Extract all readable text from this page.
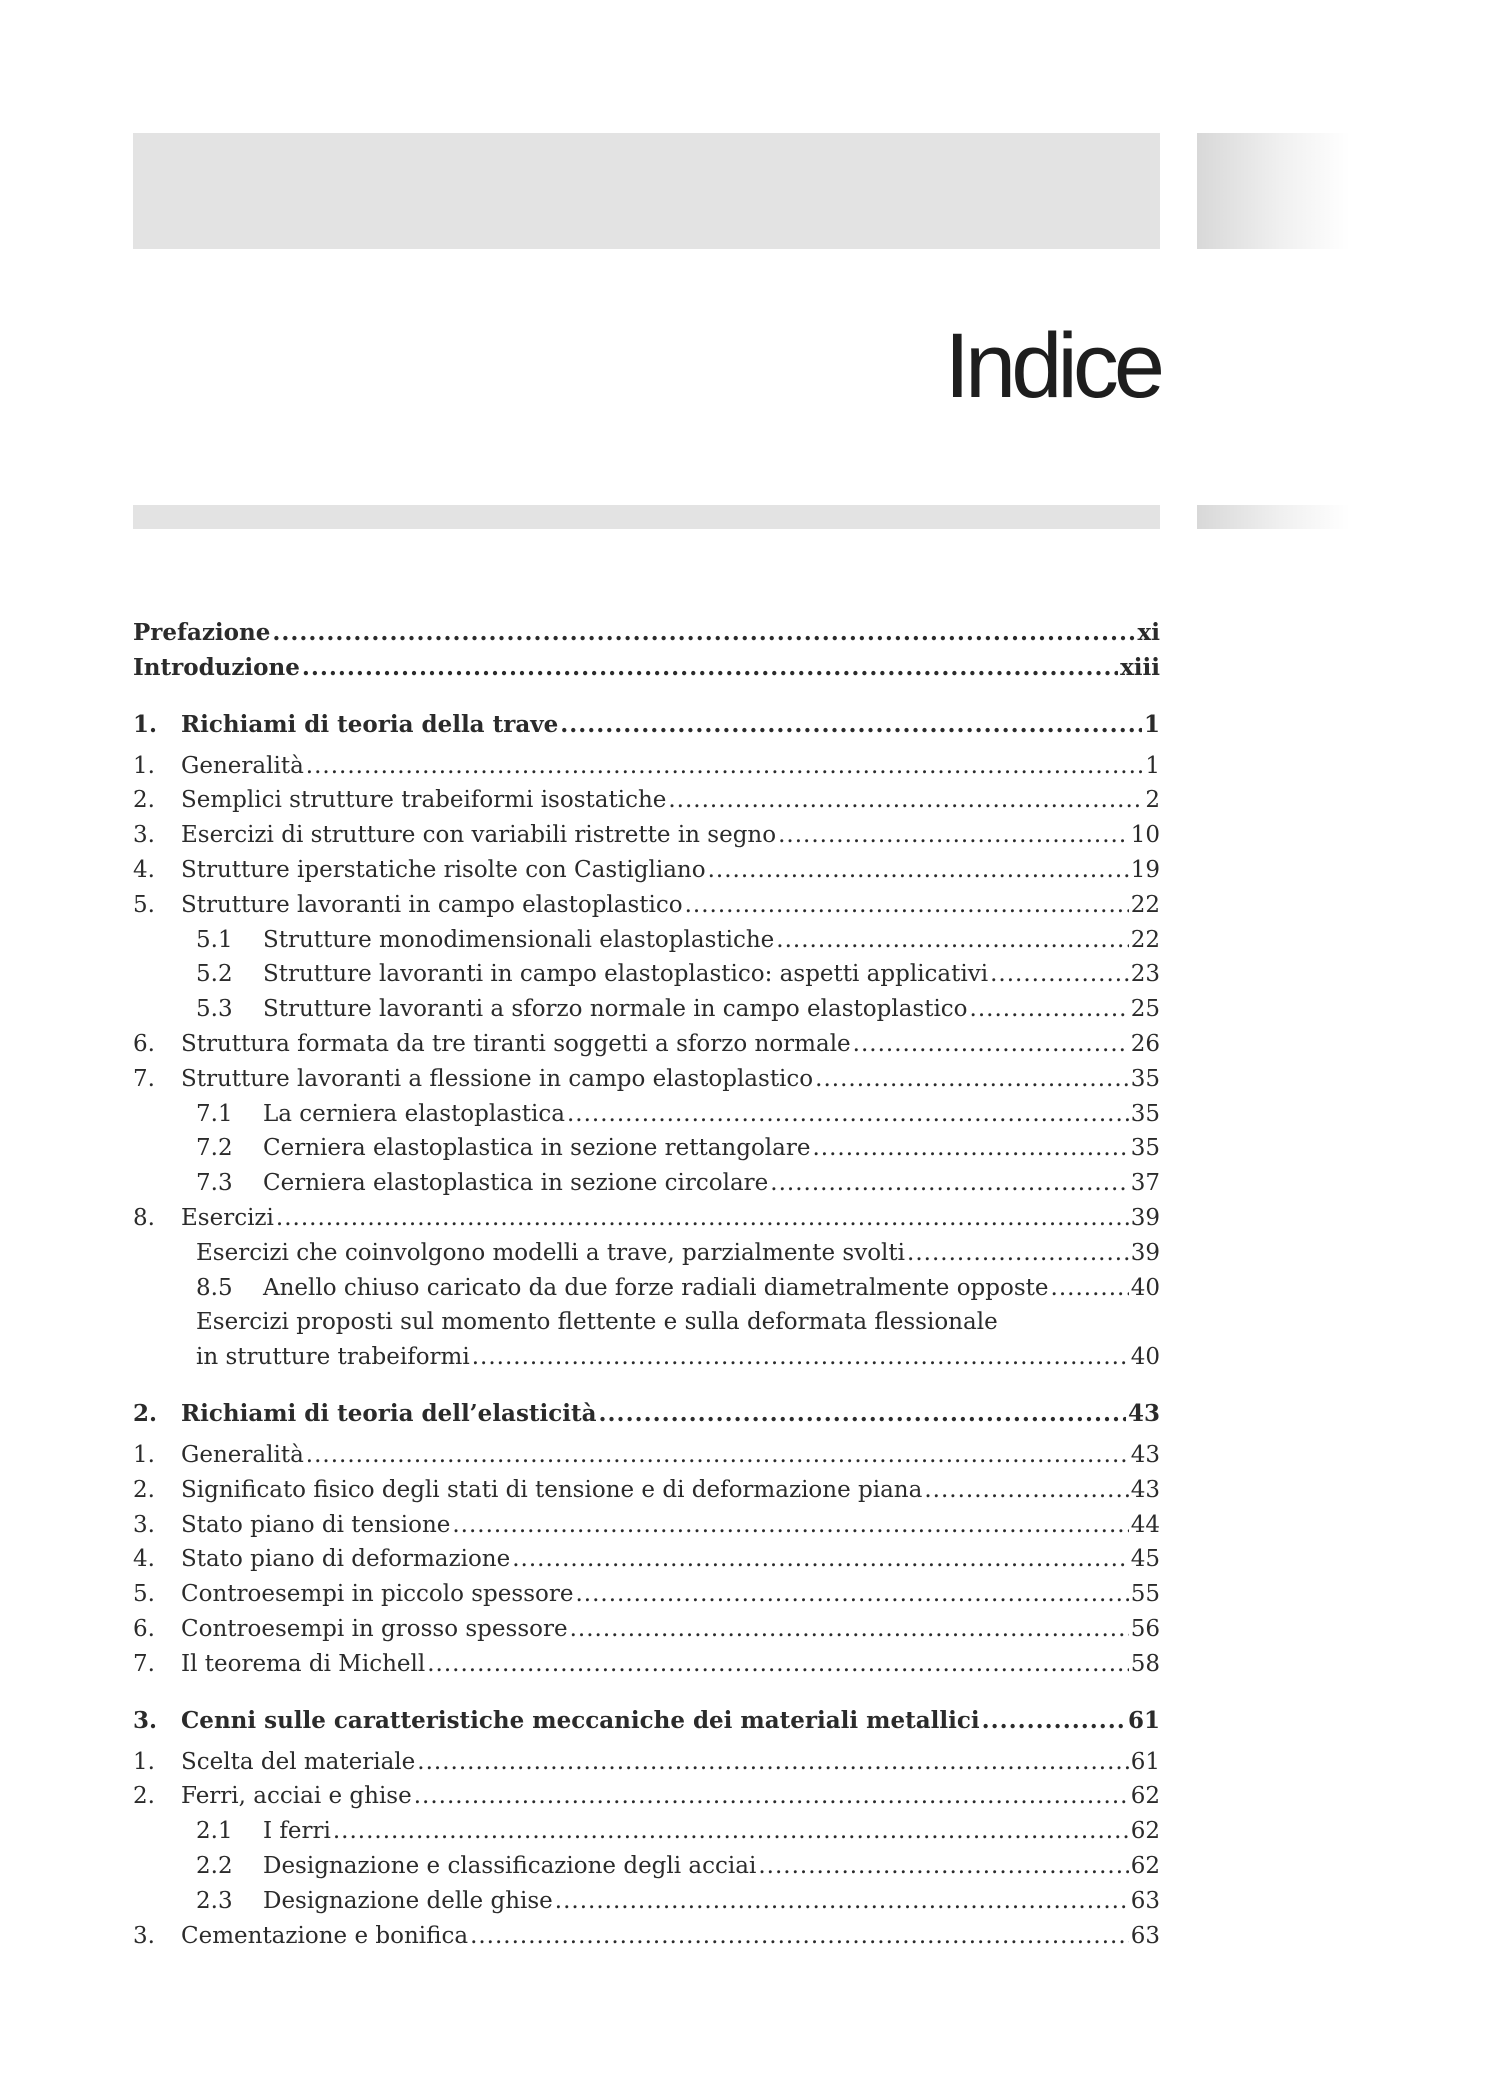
Indice
Prefazione .....	xi
Introduzione .....	xiii
1.	Richiami di teoria della trave .....	1
1.	Generalità .....	1
2.	Semplici strutture trabeiformi isostatiche .....	2
3.	Esercizi di strutture con variabili ristrette in segno .....	10
4.	Strutture iperstatiche risolte con Castigliano .....	19
5.	Strutture lavoranti in campo elastoplastico .....	22
5.1	Strutture monodimensionali elastoplastiche .....	22
5.2	Strutture lavoranti in campo elastoplastico: aspetti applicativi .....	23
5.3	Strutture lavoranti a sforzo normale in campo elastoplastico .....	25
6.	Struttura formata da tre tiranti soggetti a sforzo normale .....	26
7.	Strutture lavoranti a flessione in campo elastoplastico .....	35
7.1	La cerniera elastoplastica .....	35
7.2	Cerniera elastoplastica in sezione rettangolare .....	35
7.3	Cerniera elastoplastica in sezione circolare .....	37
8.	Esercizi .....	39
Esercizi che coinvolgono modelli a trave, parzialmente svolti .....	39
8.5	Anello chiuso caricato da due forze radiali diametralmente opposte .....	40
Esercizi proposti sul momento flettente e sulla deformata flessionale
in strutture trabeiformi .....	40
2.	Richiami di teoria dell’elasticità .....	43
1.	Generalità .....	43
2.	Significato fisico degli stati di tensione e di deformazione piana .....	43
3.	Stato piano di tensione .....	44
4.	Stato piano di deformazione .....	45
5.	Controesempi in piccolo spessore .....	55
6.	Controesempi in grosso spessore .....	56
7.	Il teorema di Michell .....	58
3.	Cenni sulle caratteristiche meccaniche dei materiali metallici .....	61
1.	Scelta del materiale .....	61
2.	Ferri, acciai e ghise .....	62
2.1	I ferri .....	62
2.2	Designazione e classificazione degli acciai .....	62
2.3	Designazione delle ghise .....	63
3.	Cementazione e bonifica .....	63
